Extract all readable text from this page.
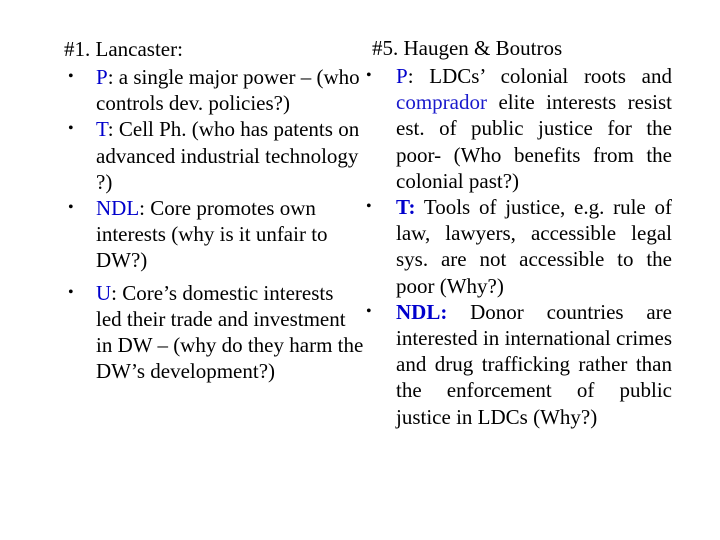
#1. Lancaster:

• P: a single major power – (who controls dev. policies?)
• T: Cell Ph. (who has patents on advanced industrial technology ?)
• NDL: Core promotes own interests (why is it unfair to DW?)
• U: Core’s domestic interests led their trade and investment in DW – (why do they harm the DW’s development?)

#5. Haugen & Boutros

• P: LDCs’ colonial roots and comprador elite interests resist est. of public justice for the poor- (Who benefits from the colonial past?)
• T: Tools of justice, e.g. rule of law, lawyers, accessible legal sys. are not accessible to the poor (Why?)
• NDL: Donor countries are interested in international crimes and drug trafficking rather than the enforcement of public justice in LDCs (Why?)
